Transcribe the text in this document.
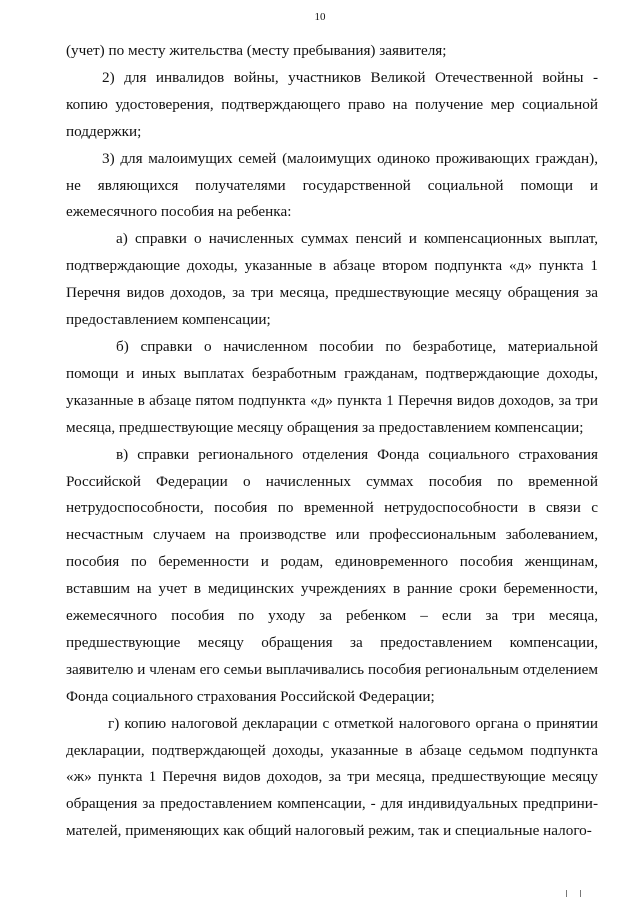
10

(учет) по месту жительства (месту пребывания) заявителя;

2) для инвалидов войны, участников Великой Отечественной войны - копию удостоверения, подтверждающего право на получение мер социальной поддержки;

3) для малоимущих семей (малоимущих одиноко проживающих граждан), не являющихся получателями государственной социальной помощи и ежемесячного пособия на ребенка:

а) справки о начисленных суммах пенсий и компенсационных выплат, подтверждающие доходы, указанные в абзаце втором подпункта «д» пункта 1 Перечня видов доходов, за три месяца, предшествующие месяцу обращения за предоставлением компенсации;

б) справки о начисленном пособии по безработице, материальной помощи и иных выплатах безработным гражданам, подтверждающие доходы, указанные в абзаце пятом подпункта «д» пункта 1 Перечня видов доходов, за три месяца, предшествующие месяцу обращения за предоставлением компенсации;

в) справки регионального отделения Фонда социального страхования Российской Федерации о начисленных суммах пособия по временной нетрудоспособности, пособия по временной нетрудоспособности в связи с несчастным случаем на производстве или профессиональным заболеванием, пособия по беременности и родам, единовременного пособия женщинам, вставшим на учет в медицинских учреждениях в ранние сроки беременности, ежемесячного пособия по уходу за ребенком – если за три месяца, предшествующие месяцу обращения за предоставлением компенсации, заявителю и членам его семьи выплачивались пособия региональным отделением Фонда социального страхования Российской Федерации;

г) копию налоговой декларации с отметкой налогового органа о принятии декларации, подтверждающей доходы, указанные в абзаце седьмом подпункта «ж» пункта 1 Перечня видов доходов, за три месяца, предшествующие месяцу обращения за предоставлением компенсации, - для индивидуальных предпринимателей, применяющих как общий налоговый режим, так и специальные налого-
